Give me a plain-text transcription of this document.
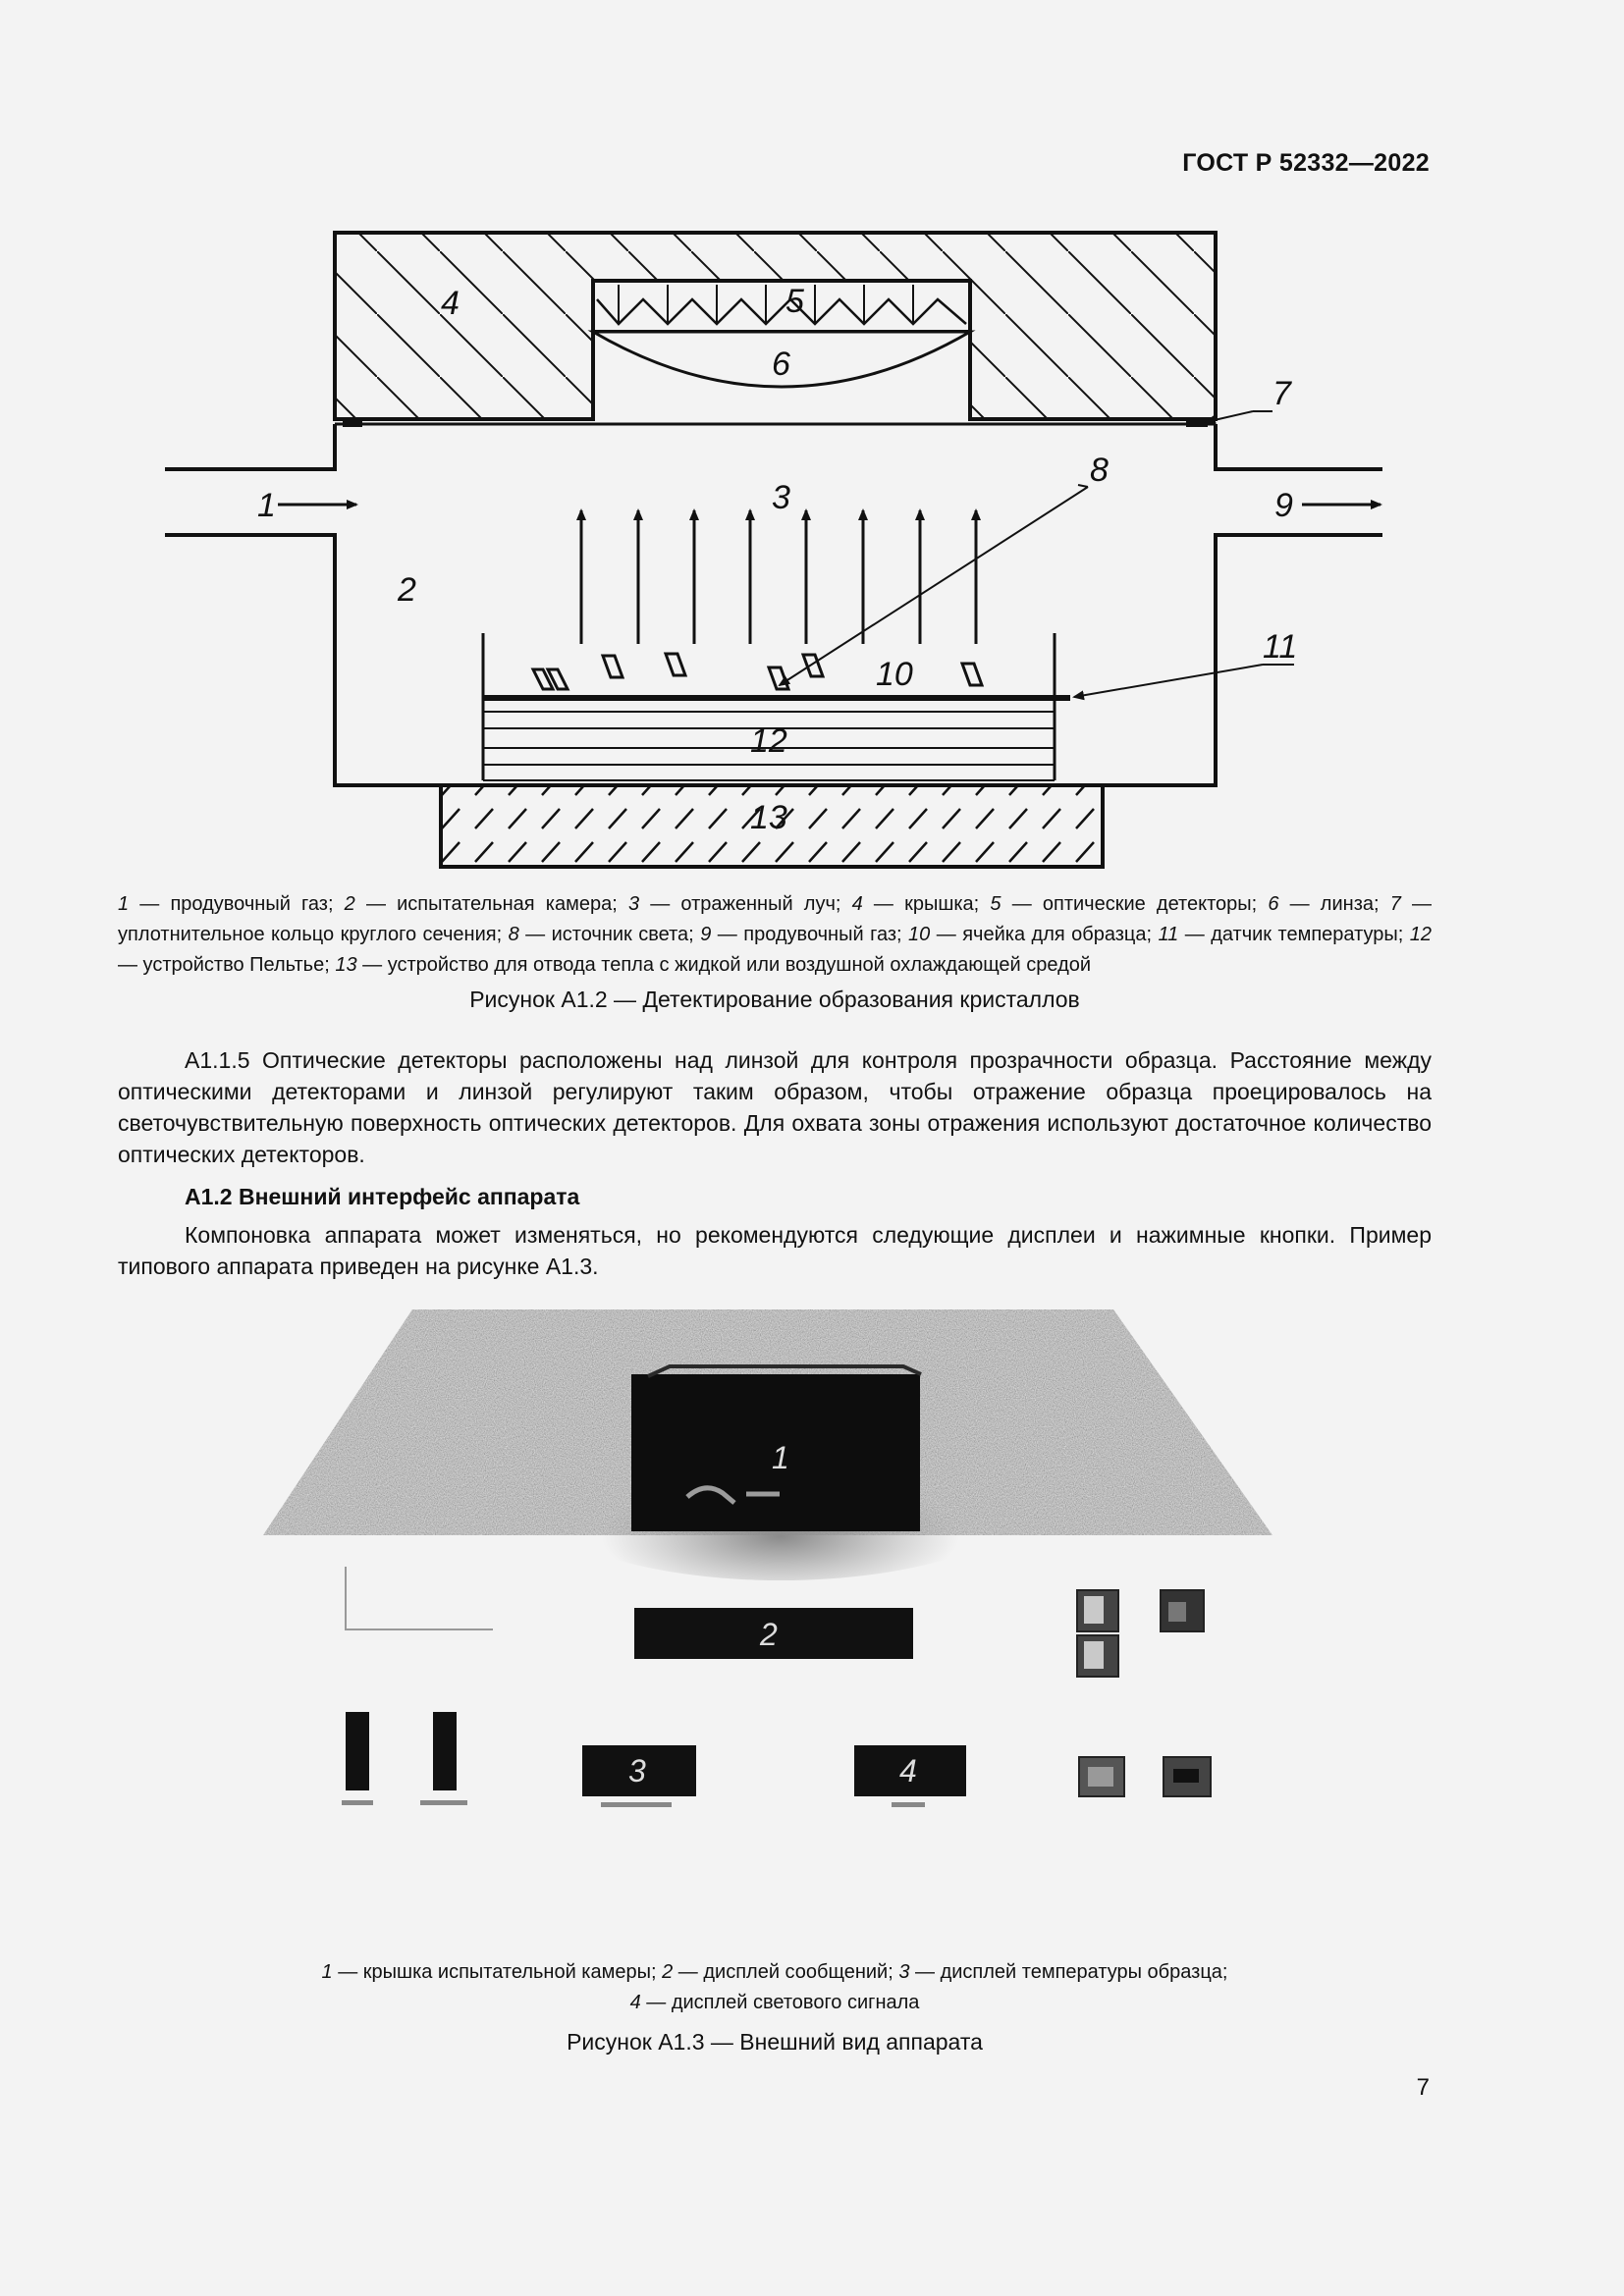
ГОСТ Р 52332—2022
1
2
3
4	5
6
7
8
9
10
11
12
13
1 — продувочный газ; 2 — испытательная камера; 3 — отраженный луч; 4 — крышка; 5 — оптические детекторы; 6 — линза; 7 — уплотнительное кольцо круглого сечения; 8 — источник света; 9 — продувочный газ; 10 — ячейка для образца; 11 — датчик температуры; 12 — устройство Пельтье; 13 — устройство для отвода тепла с жидкой или воздушной охлаждающей средой
Рисунок А1.2 — Детектирование образования кристаллов
А1.1.5 Оптические детекторы расположены над линзой для контроля прозрачности образца. Расстояние между оптическими детекторами и линзой регулируют таким образом, чтобы отражение образца проецировалось на светочувствительную поверхность оптических детекторов. Для охвата зоны отражения используют достаточное количество оптических детекторов.
А1.2 Внешний интерфейс аппарата
Компоновка аппарата может изменяться, но рекомендуются следующие дисплеи и нажимные кнопки. Пример типового аппарата приведен на рисунке А1.3.
1
2
3	4
1 — крышка испытательной камеры; 2 — дисплей сообщений; 3 — дисплей температуры образца;
4 — дисплей светового сигнала
Рисунок А1.3 — Внешний вид аппарата
7
